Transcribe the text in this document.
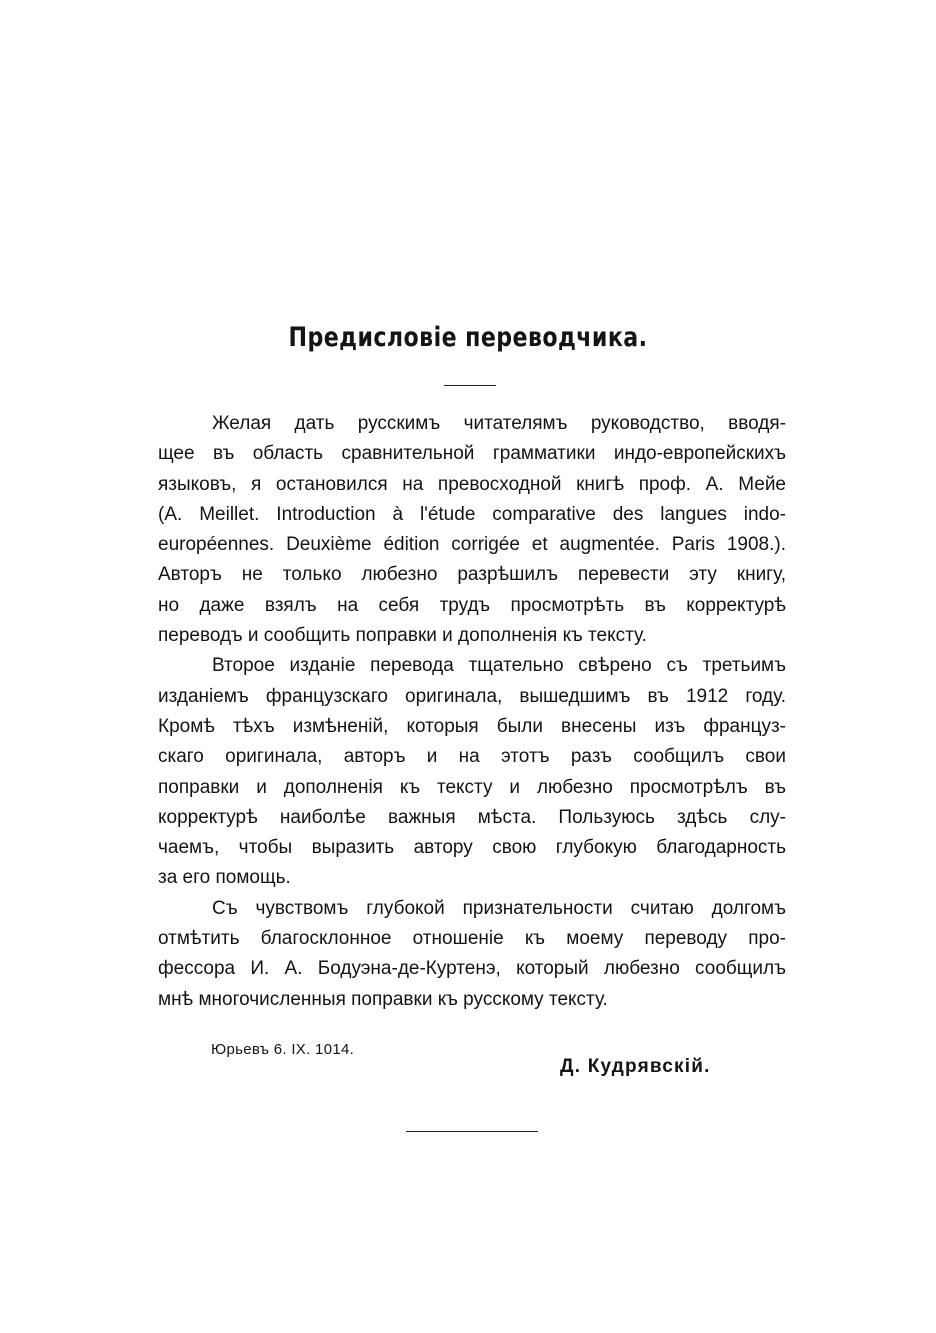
Предисловіе переводчика.
Желая дать русскимъ читателямъ руководство, вводя-
щее въ область сравнительной грамматики индо-европейскихъ
языковъ, я остановился на превосходной книгѣ проф. А. Мейе
(A. Meillet. Introduction à l'étude comparative des langues indo-
européennes. Deuxième édition corrigée et augmentée. Paris 1908.).
Авторъ не только любезно разрѣшилъ перевести эту книгу,
но даже взялъ на себя трудъ просмотрѣть въ корректурѣ
переводъ и сообщить поправки и дополненія къ тексту.
Второе изданіе перевода тщательно свѣрено съ третьимъ
изданіемъ французскаго оригинала, вышедшимъ въ 1912 году.
Кромѣ тѣхъ измѣненій, которыя были внесены изъ француз-
скаго оригинала, авторъ и на этотъ разъ сообщилъ свои
поправки и дополненія къ тексту и любезно просмотрѣлъ въ
корректурѣ наиболѣе важныя мѣста. Пользуюсь здѣсь слу-
чаемъ, чтобы выразить автору свою глубокую благодарность
за его помощь.
Съ чувствомъ глубокой признательности считаю долгомъ
отмѣтить благосклонное отношеніе къ моему переводу про-
фессора И. А. Бодуэна-де-Куртенэ, который любезно сообщилъ
мнѣ многочисленныя поправки къ русскому тексту.
Юрьевъ 6. IX. 1014.
Д. Кудрявскій.
